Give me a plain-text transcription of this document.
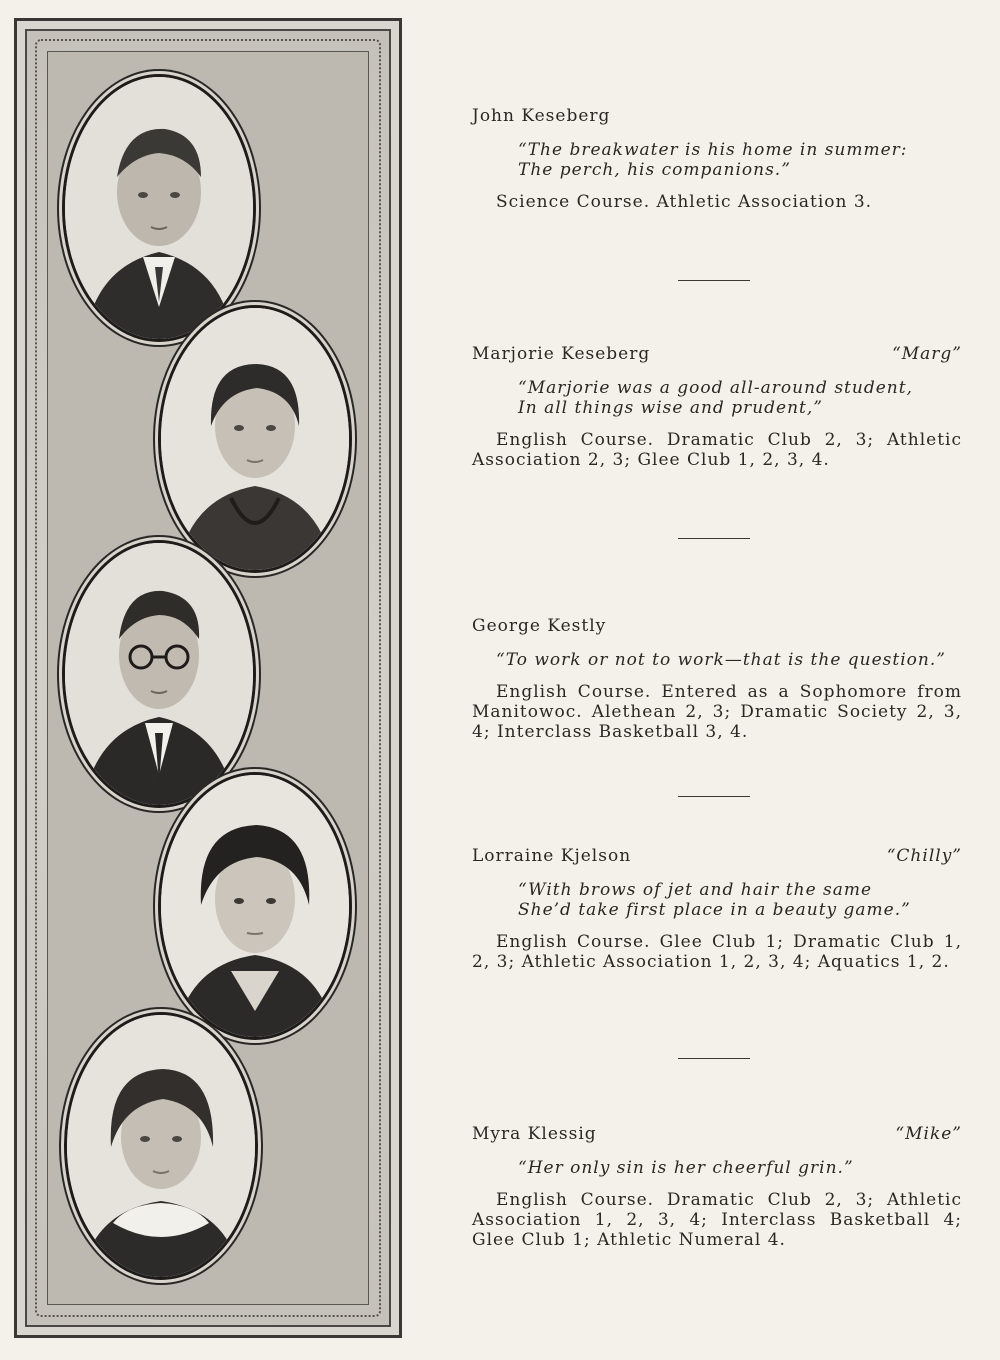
John Keseberg
“The breakwater is his home in summer:
The perch, his companions.”
Science Course. Athletic Association 3.
Marjorie Keseberg	“Marg”
“Marjorie was a good all-around student,
In all things wise and prudent,”
English Course. Dramatic Club 2, 3; Athletic Association 2, 3; Glee Club 1, 2, 3, 4.
George Kestly
“To work or not to work—that is the question.”
English Course. Entered as a Sophomore from Manitowoc. Alethean 2, 3; Dramatic Society 2, 3, 4; Interclass Basketball 3, 4.
Lorraine Kjelson	“Chilly”
“With brows of jet and hair the same
She’d take first place in a beauty game.”
English Course. Glee Club 1; Dramatic Club 1, 2, 3; Athletic Association 1, 2, 3, 4; Aquatics 1, 2.
Myra Klessig	“Mike”
“Her only sin is her cheerful grin.”
English Course. Dramatic Club 2, 3; Athletic Association 1, 2, 3, 4; Interclass Basketball 4; Glee Club 1; Athletic Numeral 4.
